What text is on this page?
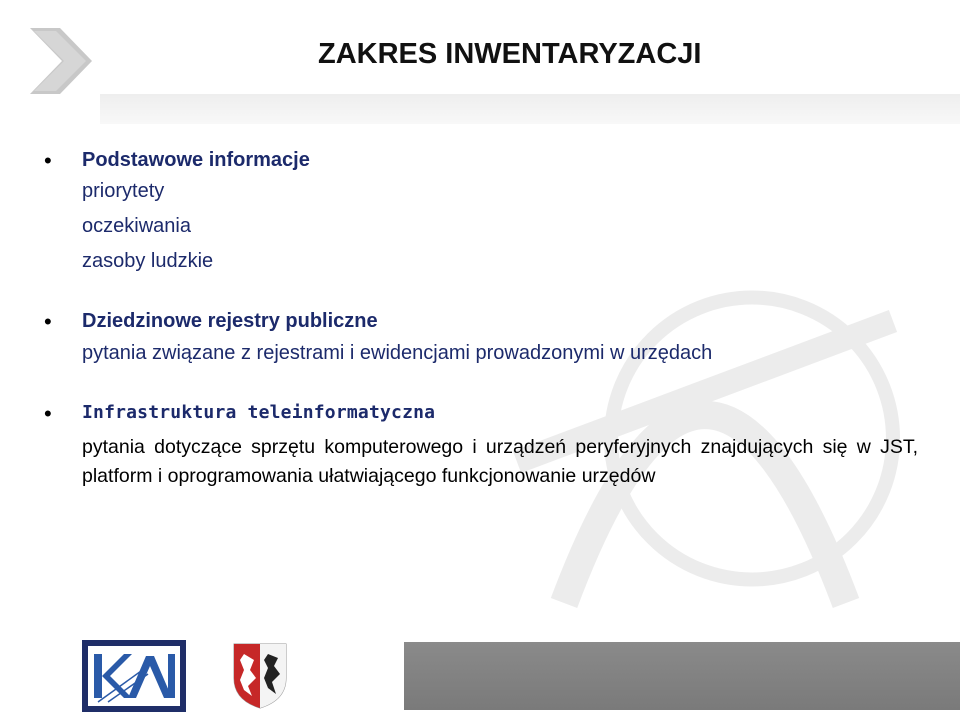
ZAKRES INWENTARYZACJI
• Podstawowe informacje
priorytety
oczekiwania
zasoby ludzkie
• Dziedzinowe rejestry publiczne
pytania związane z rejestrami i ewidencjami prowadzonymi w urzędach
• Infrastruktura teleinformatyczna
pytania dotyczące sprzętu komputerowego i urządzeń peryferyjnych znajdujących się w JST, platform i oprogramowania ułatwiającego funkcjonowanie urzędów
